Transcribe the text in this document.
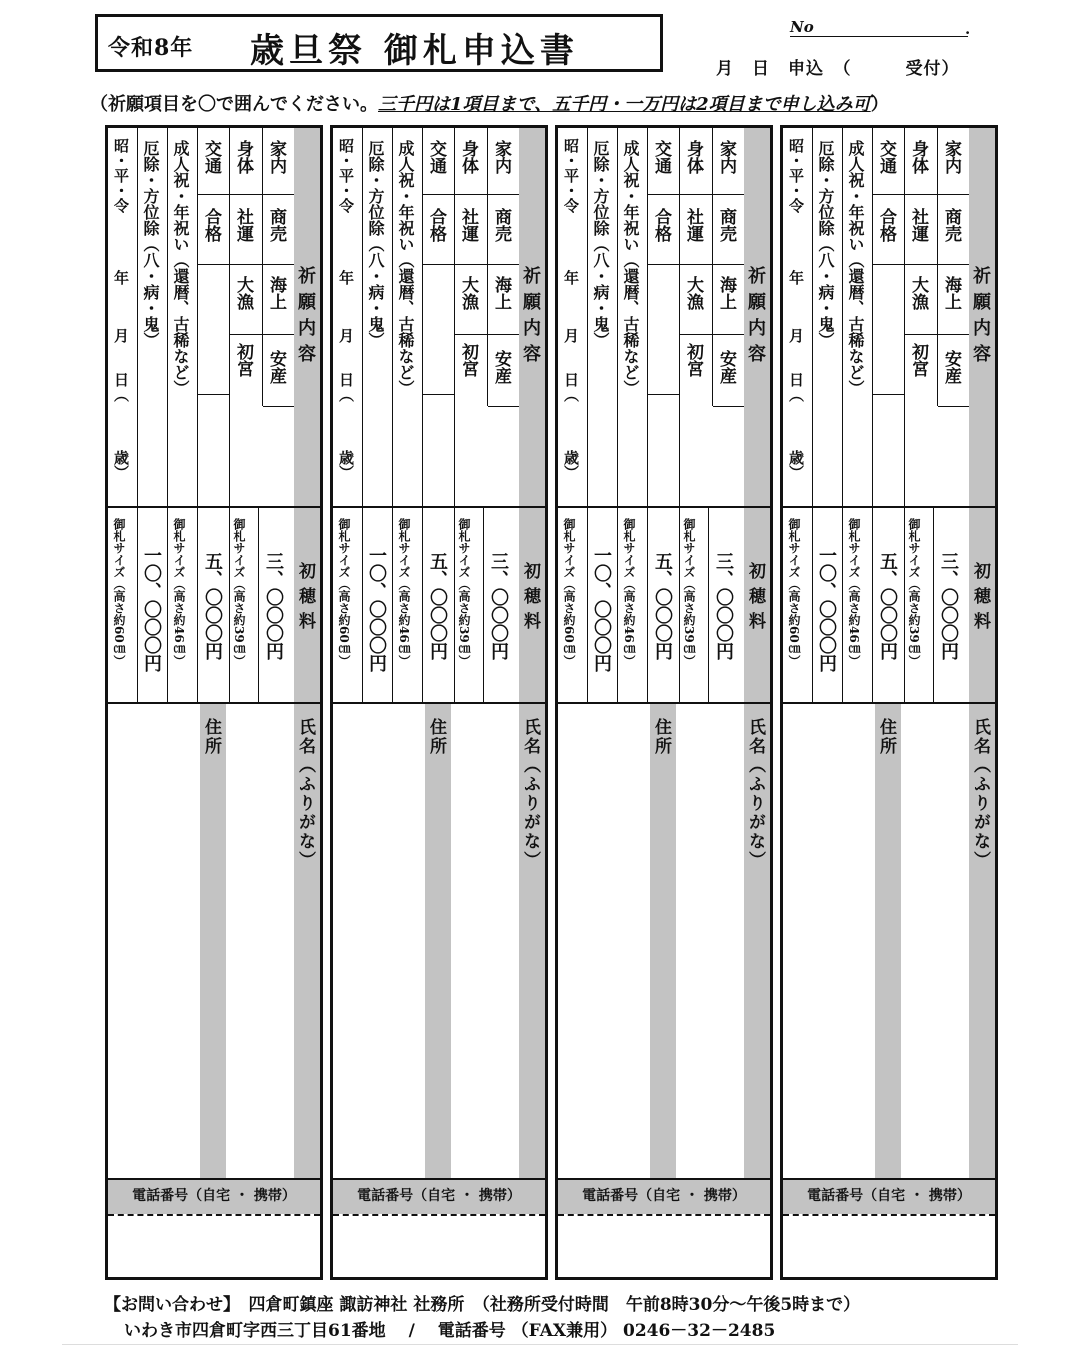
令和8年 歳旦祭 御札申込書
No	.
月　日　申込　（　　　受付）
（祈願項目を〇で囲んでください。三千円は1項目まで、五千円・一万円は2項目まで申し込み可）
祈願内容
家内
商売
海上
安産
身体
社運
大漁
初宮
交通
合格
成人祝・年祝い（還暦、古稀など）
厄除・方位除（八・病・鬼）
昭・平・令
年
月
日（
歳）
初穂料
三、〇〇〇円
御札サイズ（高さ約39㎝）
五、〇〇〇円
御札サイズ（高さ約46㎝）
一〇、〇〇〇円
御札サイズ（高さ約60㎝）
氏名（ふりがな）
住所
電話番号（自宅 ・ 携帯）
祈願内容
家内
商売
海上
安産
身体
社運
大漁
初宮
交通
合格
成人祝・年祝い（還暦、古稀など）
厄除・方位除（八・病・鬼）
昭・平・令
年
月
日（
歳）
初穂料
三、〇〇〇円
御札サイズ（高さ約39㎝）
五、〇〇〇円
御札サイズ（高さ約46㎝）
一〇、〇〇〇円
御札サイズ（高さ約60㎝）
氏名（ふりがな）
住所
電話番号（自宅 ・ 携帯）
祈願内容
家内
商売
海上
安産
身体
社運
大漁
初宮
交通
合格
成人祝・年祝い（還暦、古稀など）
厄除・方位除（八・病・鬼）
昭・平・令
年
月
日（
歳）
初穂料
三、〇〇〇円
御札サイズ（高さ約39㎝）
五、〇〇〇円
御札サイズ（高さ約46㎝）
一〇、〇〇〇円
御札サイズ（高さ約60㎝）
氏名（ふりがな）
住所
電話番号（自宅 ・ 携帯）
祈願内容
家内
商売
海上
安産
身体
社運
大漁
初宮
交通
合格
成人祝・年祝い（還暦、古稀など）
厄除・方位除（八・病・鬼）
昭・平・令
年
月
日（
歳）
初穂料
三、〇〇〇円
御札サイズ（高さ約39㎝）
五、〇〇〇円
御札サイズ（高さ約46㎝）
一〇、〇〇〇円
御札サイズ（高さ約60㎝）
氏名（ふりがな）
住所
電話番号（自宅 ・ 携帯）
【お問い合わせ】　四倉町鎮座 諏訪神社 社務所　（社務所受付時間　午前8時30分～午後5時まで）
いわき市四倉町字西三丁目61番地　 /　 電話番号 （FAX兼用） 0246－32－2485
